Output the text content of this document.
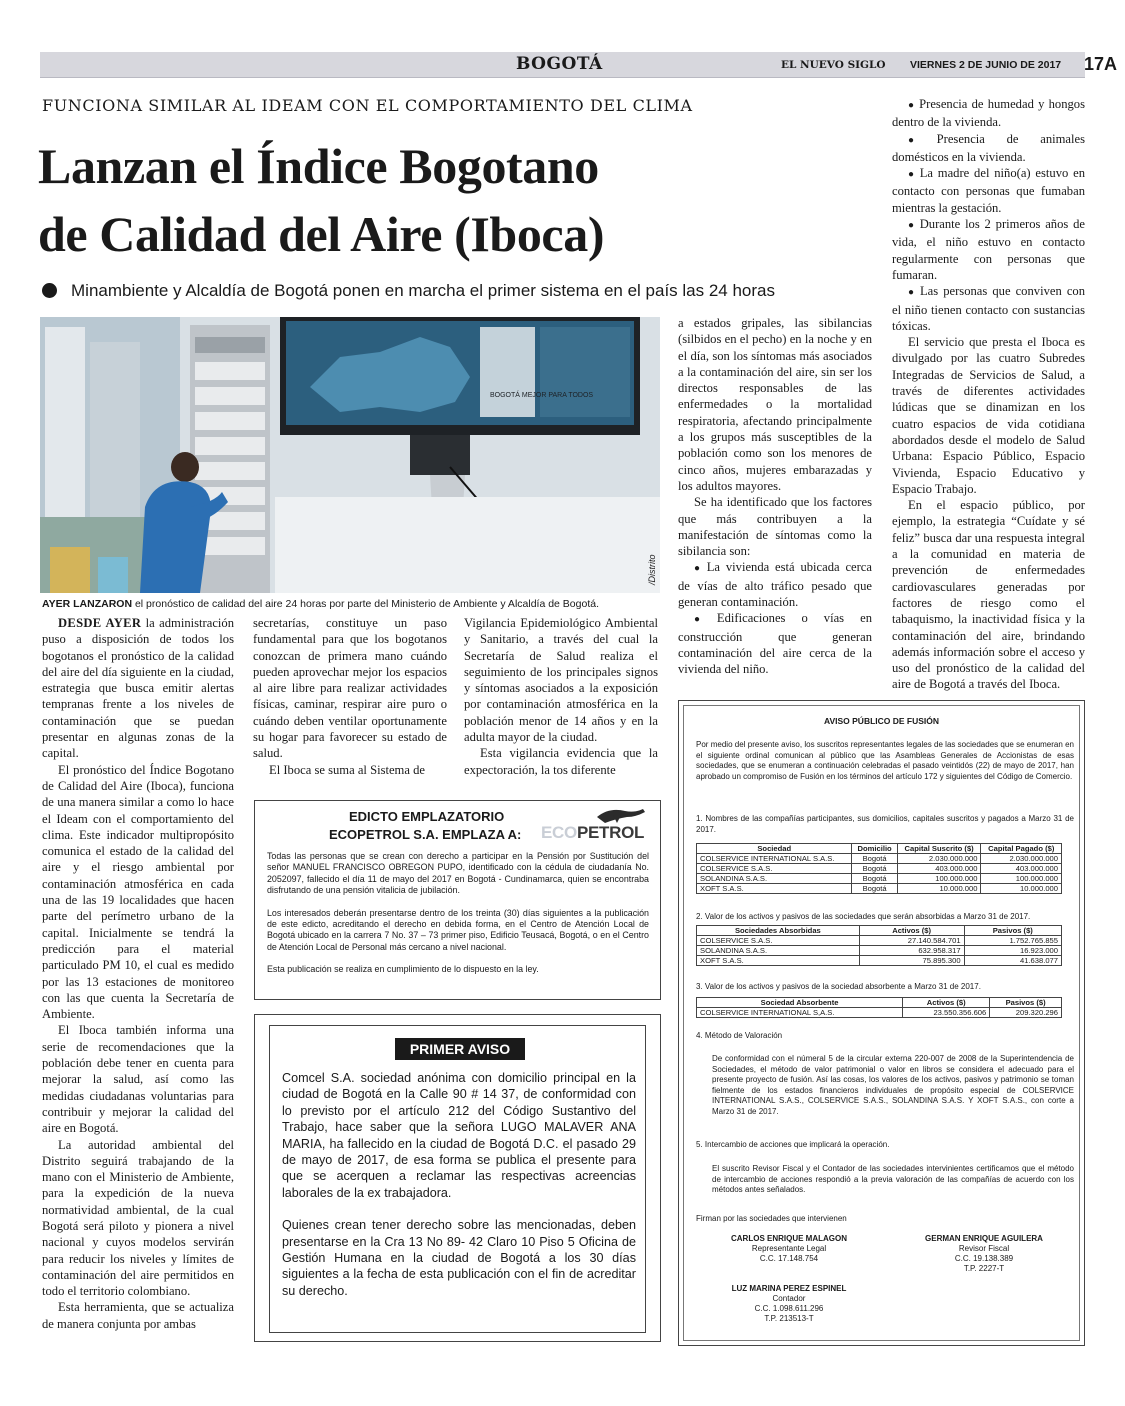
BOGOTÁ	EL NUEVO SIGLO VIERNES 2 DE JUNIO DE 2017 17A
FUNCIONA SIMILAR AL IDEAM CON EL COMPORTAMIENTO DEL CLIMA
Lanzan el Índice Bogotano
de Calidad del Aire (Iboca)
Minambiente y Alcaldía de Bogotá ponen en marcha el primer sistema en el país las 24 horas
BOGOTÁ MEJOR PARA TODOS
/Distrito
AYER LANZARON el pronóstico de calidad del aire 24 horas por parte del Ministerio de Ambiente y Alcaldía de Bogotá.

DESDE AYER la administración puso a disposición de todos los bogotanos el pronóstico de la calidad del aire del día siguiente en la ciudad, estrategia que busca emitir alertas tempranas frente a los niveles de contaminación que se puedan presentar en algunas zonas de la capital.

El pronóstico del Índice Bogotano de Calidad del Aire (Iboca), funciona de una manera similar a como lo hace el Ideam con el comportamiento del clima. Este indicador multipropósito comunica el estado de la calidad del aire y el riesgo ambiental por contaminación atmosférica en cada una de las 19 localidades que hacen parte del perímetro urbano de la capital. Inicialmente se tendrá la predicción para el material particulado PM 10, el cual es medido por las 13 estaciones de monitoreo con las que cuenta la Secretaría de Ambiente.

El Iboca también informa una serie de recomendaciones que la población debe tener en cuenta para mejorar la salud, así como las medidas ciudadanas voluntarias para contribuir y mejorar la calidad del aire en Bogotá.

La autoridad ambiental del Distrito seguirá trabajando de la mano con el Ministerio de Ambiente, para la expedición de la nueva normatividad ambiental, de la cual Bogotá será piloto y pionera a nivel nacional y cuyos modelos servirán para reducir los niveles y límites de contaminación del aire permitidos en todo el territorio colombiano.

Esta herramienta, que se actualiza de manera conjunta por ambas

secretarías, constituye un paso fundamental para que los bogotanos conozcan de primera mano cuándo pueden aprovechar mejor los espacios al aire libre para realizar actividades físicas, caminar, respirar aire puro o cuándo deben ventilar oportunamente su hogar para favorecer su estado de salud.

El Iboca se suma al Sistema de

Vigilancia Epidemiológico Ambiental y Sanitario, a través del cual la Secretaría de Salud realiza el seguimiento de los principales signos y síntomas asociados a la exposición por contaminación atmosférica en la población menor de 14 años y en la adulta mayor de la ciudad.

Esta vigilancia evidencia que la expectoración, la tos diferente

a estados gripales, las sibilancias (silbidos en el pecho) en la noche y en el día, son los síntomas más asociados a la contaminación del aire, sin ser los directos responsables de las enfermedades o la mortalidad respiratoria, afectando principalmente a los grupos más susceptibles de la población como son los menores de cinco años, mujeres embarazadas y los adultos mayores.

Se ha identificado que los factores que más contribuyen a la manifestación de síntomas como la sibilancia son:

● La vivienda está ubicada cerca de vías de alto tráfico pesado que generan contaminación.

● Edificaciones o vías en construcción que generan contaminación del aire cerca de la vivienda del niño.

● Presencia de humedad y hongos dentro de la vivienda.

● Presencia de animales domésticos en la vivienda.

● La madre del niño(a) estuvo en contacto con personas que fumaban mientras la gestación.

● Durante los 2 primeros años de vida, el niño estuvo en contacto regularmente con personas que fumaran.

● Las personas que conviven con el niño tienen contacto con sustancias tóxicas.

El servicio que presta el Iboca es divulgado por las cuatro Subredes Integradas de Servicios de Salud, a través de diferentes actividades lúdicas que se dinamizan en los cuatro espacios de vida cotidiana abordados desde el modelo de Salud Urbana: Espacio Público, Espacio Vivienda, Espacio Educativo y Espacio Trabajo.

En el espacio público, por ejemplo, la estrategia “Cuídate y sé feliz” busca dar una respuesta integral a la comunidad en materia de prevención de enfermedades cardiovasculares generadas por factores de riesgo como el tabaquismo, la inactividad física y la contaminación del aire, brindando además información sobre el acceso y uso del pronóstico de la calidad del aire de Bogotá a través del Iboca.

EDICTO EMPLAZATORIO
ECOPETROL S.A. EMPLAZA A: ECOPETROL

Todas las personas que se crean con derecho a participar en la Pensión por Sustitución del señor MANUEL FRANCISCO OBREGON PUPO, identificado con la cédula de ciudadanía No. 2052097, fallecido el día 11 de mayo del 2017 en Bogotá - Cundinamarca, quien se encontraba disfrutando de una pensión vitalicia de jubilación.

Los interesados deberán presentarse dentro de los treinta (30) días siguientes a la publicación de este edicto, acreditando el derecho en debida forma, en el Centro de Atención Local de Bogotá ubicado en la carrera 7 No. 37 – 73 primer piso, Edificio Teusacá, Bogotá, o en el Centro de Atención Local de Personal más cercano a nivel nacional.

Esta publicación se realiza en cumplimiento de lo dispuesto en la ley.

PRIMER AVISO

Comcel S.A. sociedad anónima con domicilio principal en la ciudad de Bogotá en la Calle 90 # 14 37, de conformidad con lo previsto por el artículo 212 del Código Sustantivo del Trabajo, hace saber que la señora LUGO MALAVER ANA MARIA, ha fallecido en la ciudad de Bogotá D.C. el pasado 29 de mayo de 2017, de esa forma se publica el presente para que se acerquen a reclamar las respectivas acreencias laborales de la ex trabajadora.

Quienes crean tener derecho sobre las mencionadas, deben presentarse en la Cra 13 No 89- 42 Claro 10 Piso 5 Oficina de Gestión Humana en la ciudad de Bogotá a los 30 días siguientes a la fecha de esta publicación con el fin de acreditar su derecho.

AVISO PÚBLICO DE FUSIÓN
Por medio del presente aviso, los suscritos representantes legales de las sociedades que se enumeran en el siguiente ordinal comunican al público que las Asambleas Generales de Accionistas de esas sociedades, que se enumeran a continuación celebradas el pasado veintidós (22) de mayo de 2017, han aprobado un compromiso de Fusión en los términos del artículo 172 y siguientes del Código de Comercio.
1. Nombres de las compañías participantes, sus domicilios, capitales suscritos y pagados a Marzo 31 de 2017.
Sociedad	Domicilio	Capital Suscrito ($)	Capital Pagado ($)
COLSERVICE INTERNATIONAL S.A.S.	Bogotá	2.030.000.000	2.030.000.000
COLSERVICE S.A.S.	Bogotá	403.000.000	403.000.000
SOLANDINA S.A.S.	Bogotá	100.000.000	100.000.000
XOFT S.A.S.	Bogotá	10.000.000	10.000.000
2. Valor de los activos y pasivos de las sociedades que serán absorbidas a Marzo 31 de 2017.
Sociedades Absorbidas	Activos ($)	Pasivos ($)
COLSERVICE S.A.S.	27.140.584.701	1.752.765.855
SOLANDINA S.A.S.	632.958.317	16.923.000
XOFT S.A.S.	75.895.300	41.638.077
3. Valor de los activos y pasivos de la sociedad absorbente a Marzo 31 de 2017.
Sociedad Absorbente	Activos ($)	Pasivos ($)
COLSERVICE INTERNATIONAL S,A.S.	23.550.356.606	209.320.296
4. Método de Valoración
De conformidad con el númeral 5 de la circular externa 220-007 de 2008 de la Superintendencia de Sociedades, el método de valor patrimonial o valor en libros se considera el adecuado para el presente proyecto de fusión. Así las cosas, los valores de los activos, pasivos y patrimonio se toman fielmente de los estados financieros individuales de propósito especial de COLSERVICE INTERNATIONAL S.A.S., COLSERVICE S.A.S., SOLANDINA S.A.S. Y XOFT S.A.S., con corte a Marzo 31 de 2017.
5. Intercambio de acciones que implicará la operación.
El suscrito Revisor Fiscal y el Contador de las sociedades intervinientes certificamos que el método de intercambio de acciones respondió a la previa valoración de las compañías de acuerdo con los métodos antes señalados.
Firman por las sociedades que intervienen
CARLOS ENRIQUE MALAGON
Representante Legal
C.C. 17.148.754
GERMAN ENRIQUE AGUILERA
Revisor Fiscal
C.C. 19.138.389
T.P. 2227-T
LUZ MARINA PEREZ ESPINEL
Contador
C.C. 1.098.611.296
T.P. 213513-T
